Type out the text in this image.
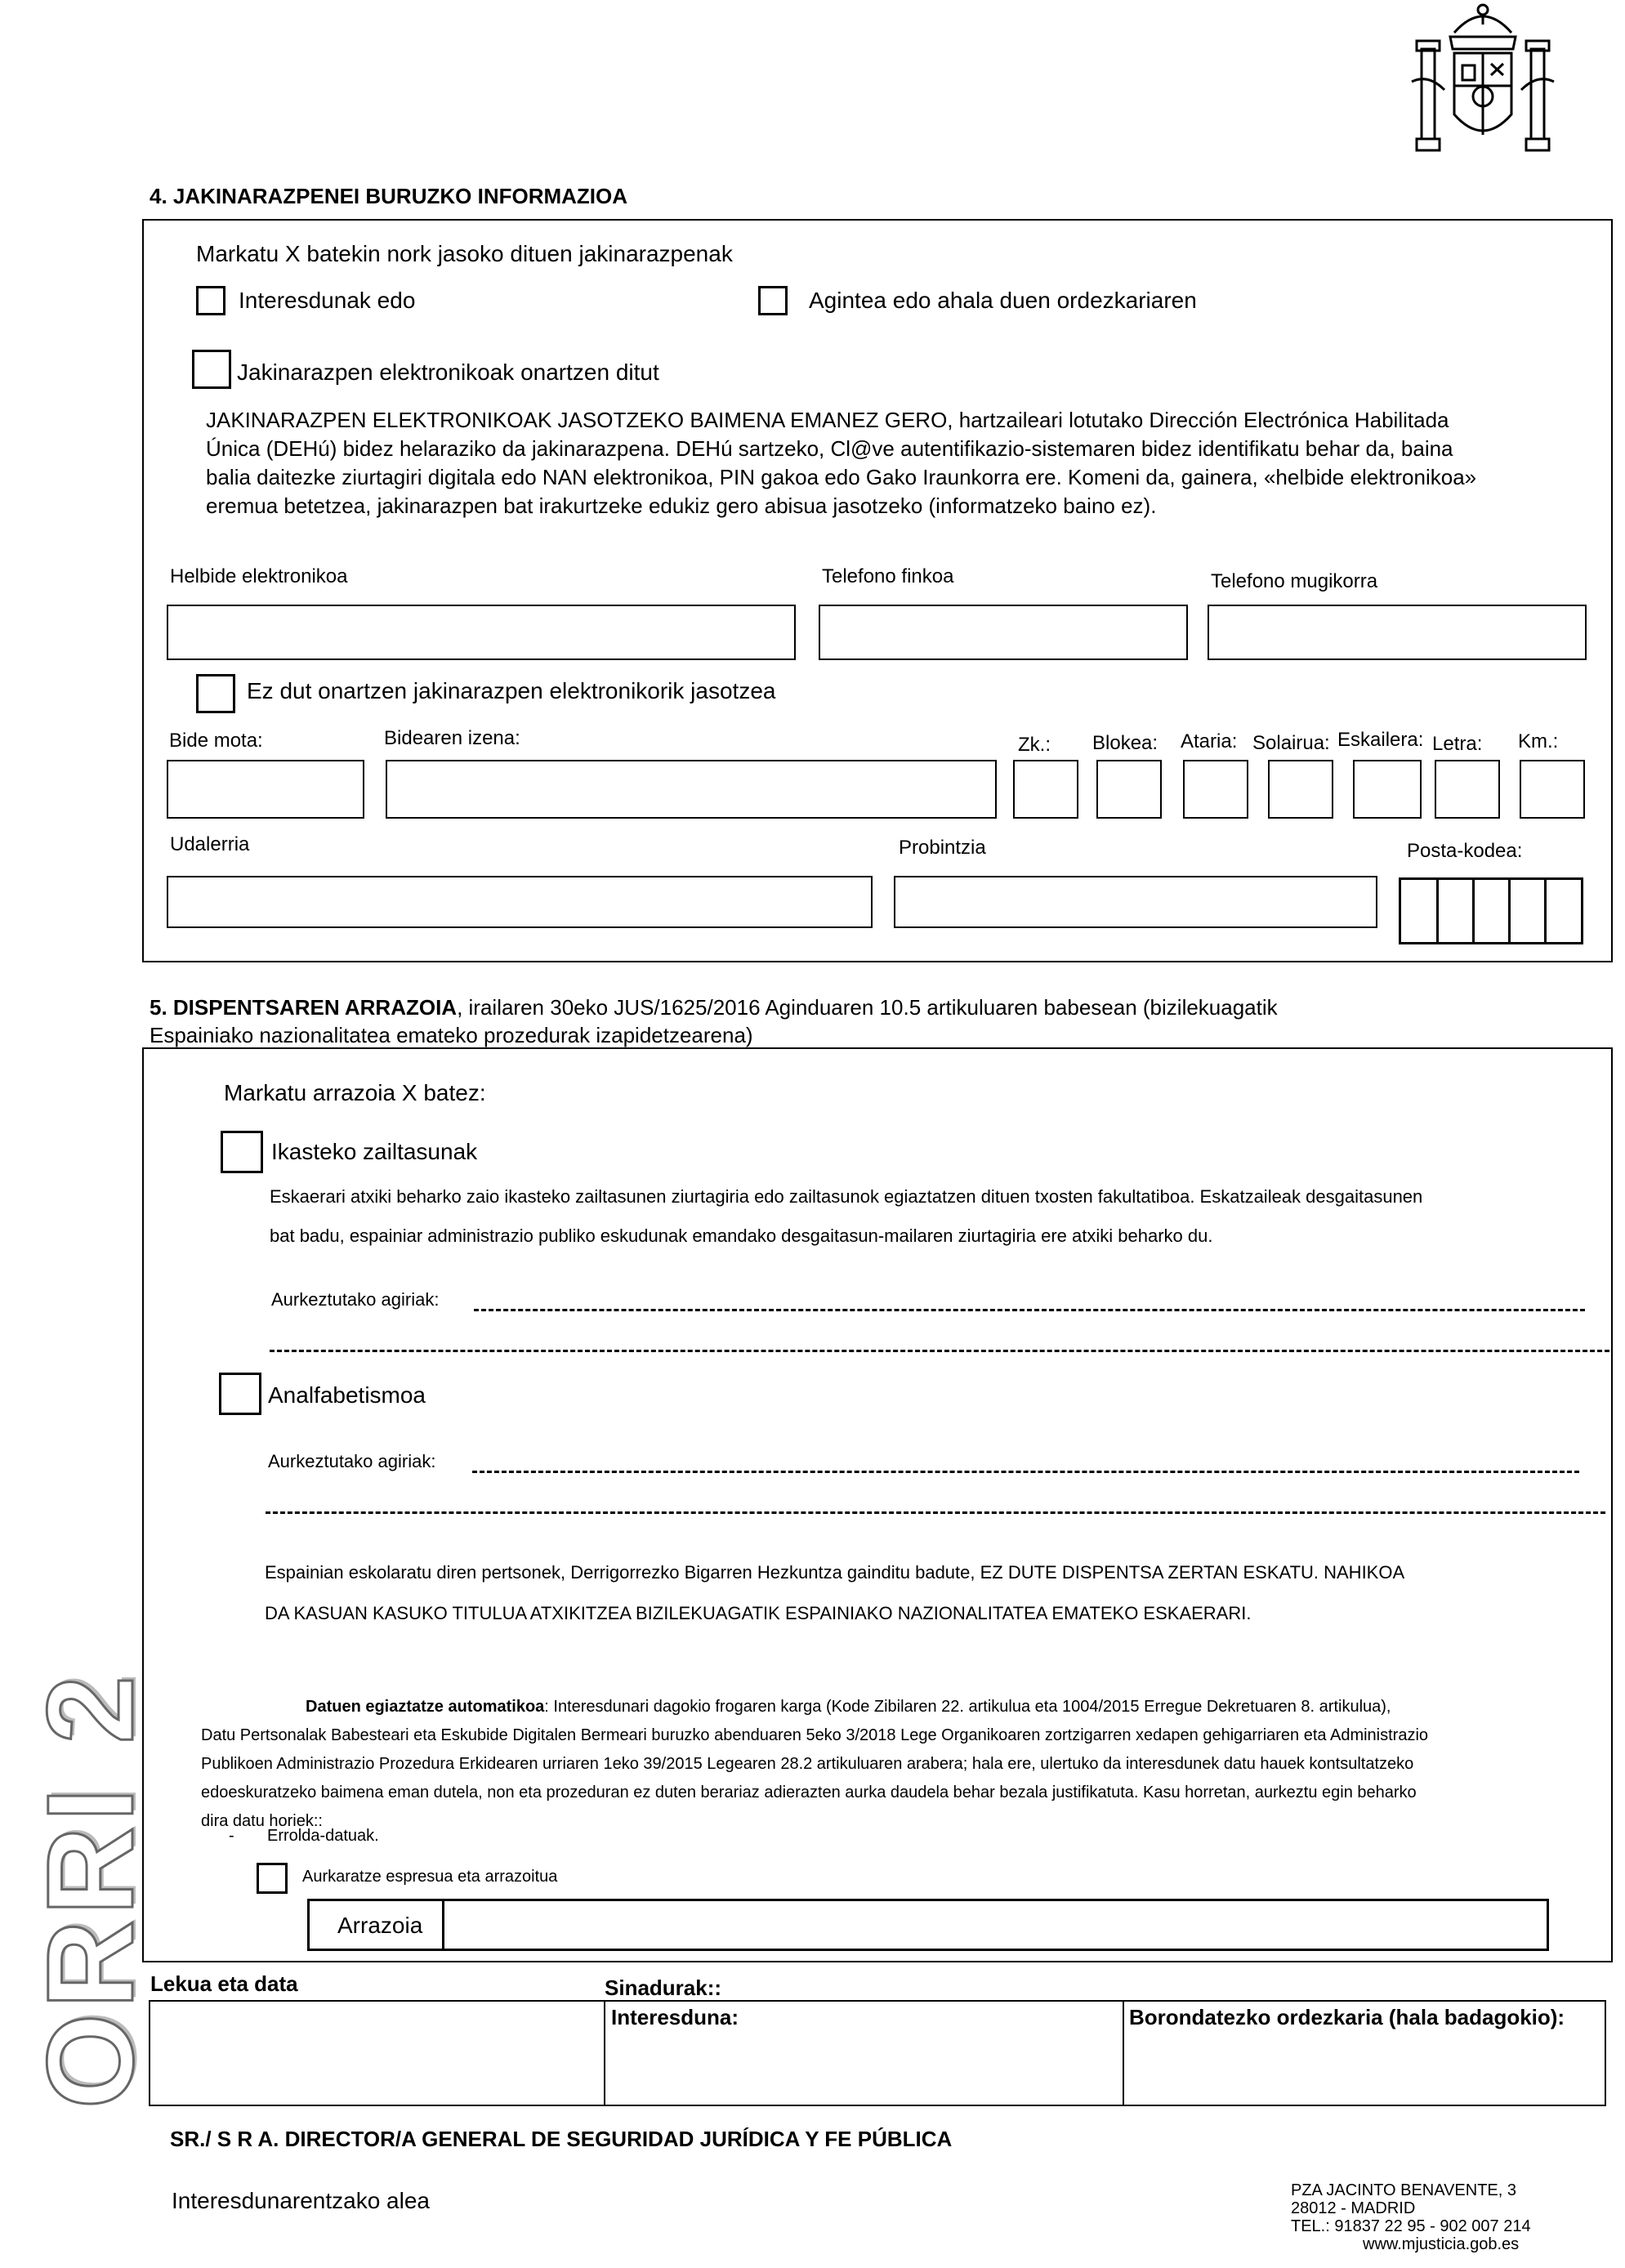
4. JAKINARAZPENEI BURUZKO INFORMAZIOA
Markatu X batekin nork jasoko dituen jakinarazpenak
Interesdunak edo	Agintea edo ahala duen ordezkariaren
Jakinarazpen elektronikoak onartzen ditut
JAKINARAZPEN ELEKTRONIKOAK JASOTZEKO BAIMENA EMANEZ GERO, hartzaileari lotutako Dirección Electrónica Habilitada
Única (DEHú) bidez helaraziko da jakinarazpena. DEHú sartzeko, Cl@ve autentifikazio-sistemaren bidez identifikatu behar da, baina
balia daitezke ziurtagiri digitala edo NAN elektronikoa, PIN gakoa edo Gako Iraunkorra ere. Komeni da, gainera, «helbide elektronikoa»
eremua betetzea, jakinarazpen bat irakurtzeke edukiz gero abisua jasotzeko (informatzeko baino ez).
Helbide elektronikoa	Telefono finkoa	Telefono mugikorra
Ez dut onartzen jakinarazpen elektronikorik jasotzea
Bide mota:	Bidearen izena:	Zk.: Blokea: Ataria: Solairua: Eskailera: Letra: Km.:
Udalerria	Probintzia	Posta-kodea:
5. DISPENTSAREN ARRAZOIA, irailaren 30eko JUS/1625/2016 Aginduaren 10.5 artikuluaren babesean (bizilekuagatik
Espainiako nazionalitatea emateko prozedurak izapidetzearena)
Markatu arrazoia X batez:
Ikasteko zailtasunak
Eskaerari atxiki beharko zaio ikasteko zailtasunen ziurtagiria edo zailtasunok egiaztatzen dituen txosten fakultatiboa. Eskatzaileak desgaitasunen
bat badu, espainiar administrazio publiko eskudunak emandako desgaitasun-mailaren ziurtagiria ere atxiki beharko du.
Aurkeztutako agiriak:
Analfabetismoa
Aurkeztutako agiriak:
Espainian eskolaratu diren pertsonek, Derrigorrezko Bigarren Hezkuntza gainditu badute, EZ DUTE DISPENTSA ZERTAN ESKATU. NAHIKOA
DA KASUAN KASUKO TITULUA ATXIKITZEA BIZILEKUAGATIK ESPAINIAKO NAZIONALITATEA EMATEKO ESKAERARI.
Datuen egiaztatze automatikoa: Interesdunari dagokio frogaren karga (Kode Zibilaren 22. artikulua eta 1004/2015 Erregue Dekretuaren 8. artikulua),
Datu Pertsonalak Babesteari eta Eskubide Digitalen Bermeari buruzko abenduaren 5eko 3/2018 Lege Organikoaren zortzigarren xedapen gehigarriaren eta Administrazio
Publikoen Administrazio Prozedura Erkidearen urriaren 1eko 39/2015 Legearen 28.2 artikuluaren arabera; hala ere, ulertuko da interesdunek datu hauek kontsultatzeko
edoeskuratzeko baimena eman dutela, non eta prozeduran ez duten berariaz adierazten aurka daudela behar bezala justifikatuta. Kasu horretan, aurkeztu egin beharko
dira datu horiek::
- Errolda-datuak.
Aurkaratze espresua eta arrazoitua
Arrazoia
Lekua eta data	Sinadurak::
Interesduna:	Borondatezko ordezkaria (hala badagokio):
SR./ S R A. DIRECTOR/A GENERAL DE SEGURIDAD JURÍDICA Y FE PÚBLICA
Interesdunarentzako alea	PZA JACINTO BENAVENTE, 3
28012 - MADRID
TEL.: 91837 22 95 - 902 007 214
www.mjusticia.gob.es
ORRI 2
